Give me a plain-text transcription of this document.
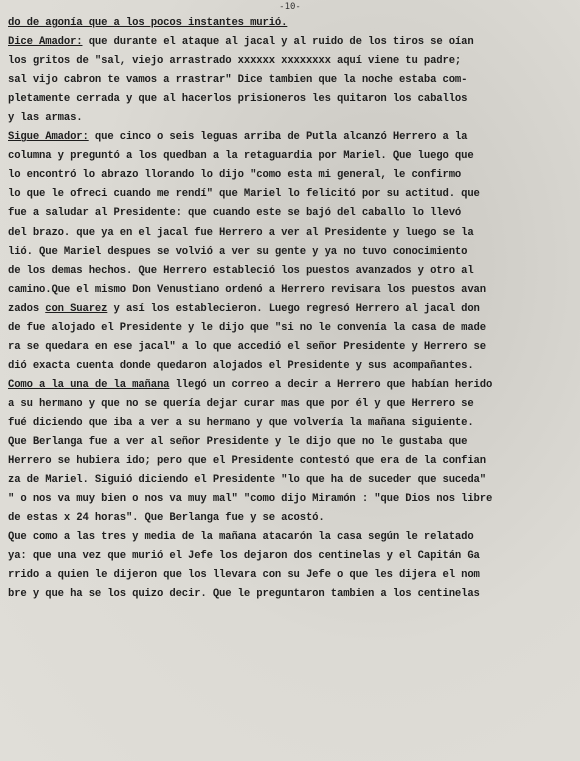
-10-
do de agonía que a los pocos instantes murió.
Dice Amador: que durante el ataque al jacal y al ruido de los tiros se oían
los gritos de "sal, viejo arrastrado xxxxxx xxxxxxxx aquí viene tu padre;
sal vijo cabron te vamos a rrastrar" Dice tambien que la noche estaba com-
pletamente cerrada y que al hacerlos prisioneros les quitaron los caballos
y las armas.
Sigue Amador: que cinco o seis leguas arriba de Putla alcanzó Herrero a la
columna y preguntó a los quedban a la retaguardia por Mariel. Que luego que
lo encontró lo abrazo llorando lo dijo "como esta mi general, le confirmo
lo que le ofreci cuando me rendí" que Mariel lo felicitó por su actitud. que
fue a saludar al Presidente: que cuando este se bajó del caballo lo llevó
del brazo. que ya en el jacal fue Herrero a ver al Presidente y luego se la
lió. Que Mariel despues se volvió a ver su gente y ya no tuvo conocimiento
de los demas hechos. Que Herrero estableció los puestos avanzados y otro al
camino.Que el mismo Don Venustiano ordenó a Herrero revisara los puestos avan
zados con Suarez y así los establecieron. Luego regresó Herrero al jacal don
de fue alojado el Presidente y le dijo que "si no le convenía la casa de made
ra se quedara en ese jacal" a lo que accedió el señor Presidente y Herrero se
dió exacta cuenta donde quedaron alojados el Presidente y sus acompañantes.
Como a la una de la mañana llegó un correo a decir a Herrero que habían herido
a su hermano y que no se quería dejar curar mas que por él y que Herrero se
fué diciendo que iba a ver a su hermano y que volvería la mañana siguiente.
Que Berlanga fue a ver al señor Presidente y le dijo que no le gustaba que
Herrero se hubiera ido; pero que el Presidente contestó que era de la confian
za de Mariel. Siguió diciendo el Presidente "lo que ha de suceder que suceda"
" o nos va muy bien o nos va muy mal" "como dijo Miramón : "que Dios nos libre
de estas x 24 horas". Que Berlanga fue y se acostó.
Que como a las tres y media de la mañana atacarón la casa según le relatado
ya: que una vez que murió el Jefe los dejaron dos centinelas y el Capitán Ga
rrido a quien le dijeron que los llevara con su Jefe o que les dijera el nom
bre y que ha se los quizo decir. Que le preguntaron tambien a los centinelas
